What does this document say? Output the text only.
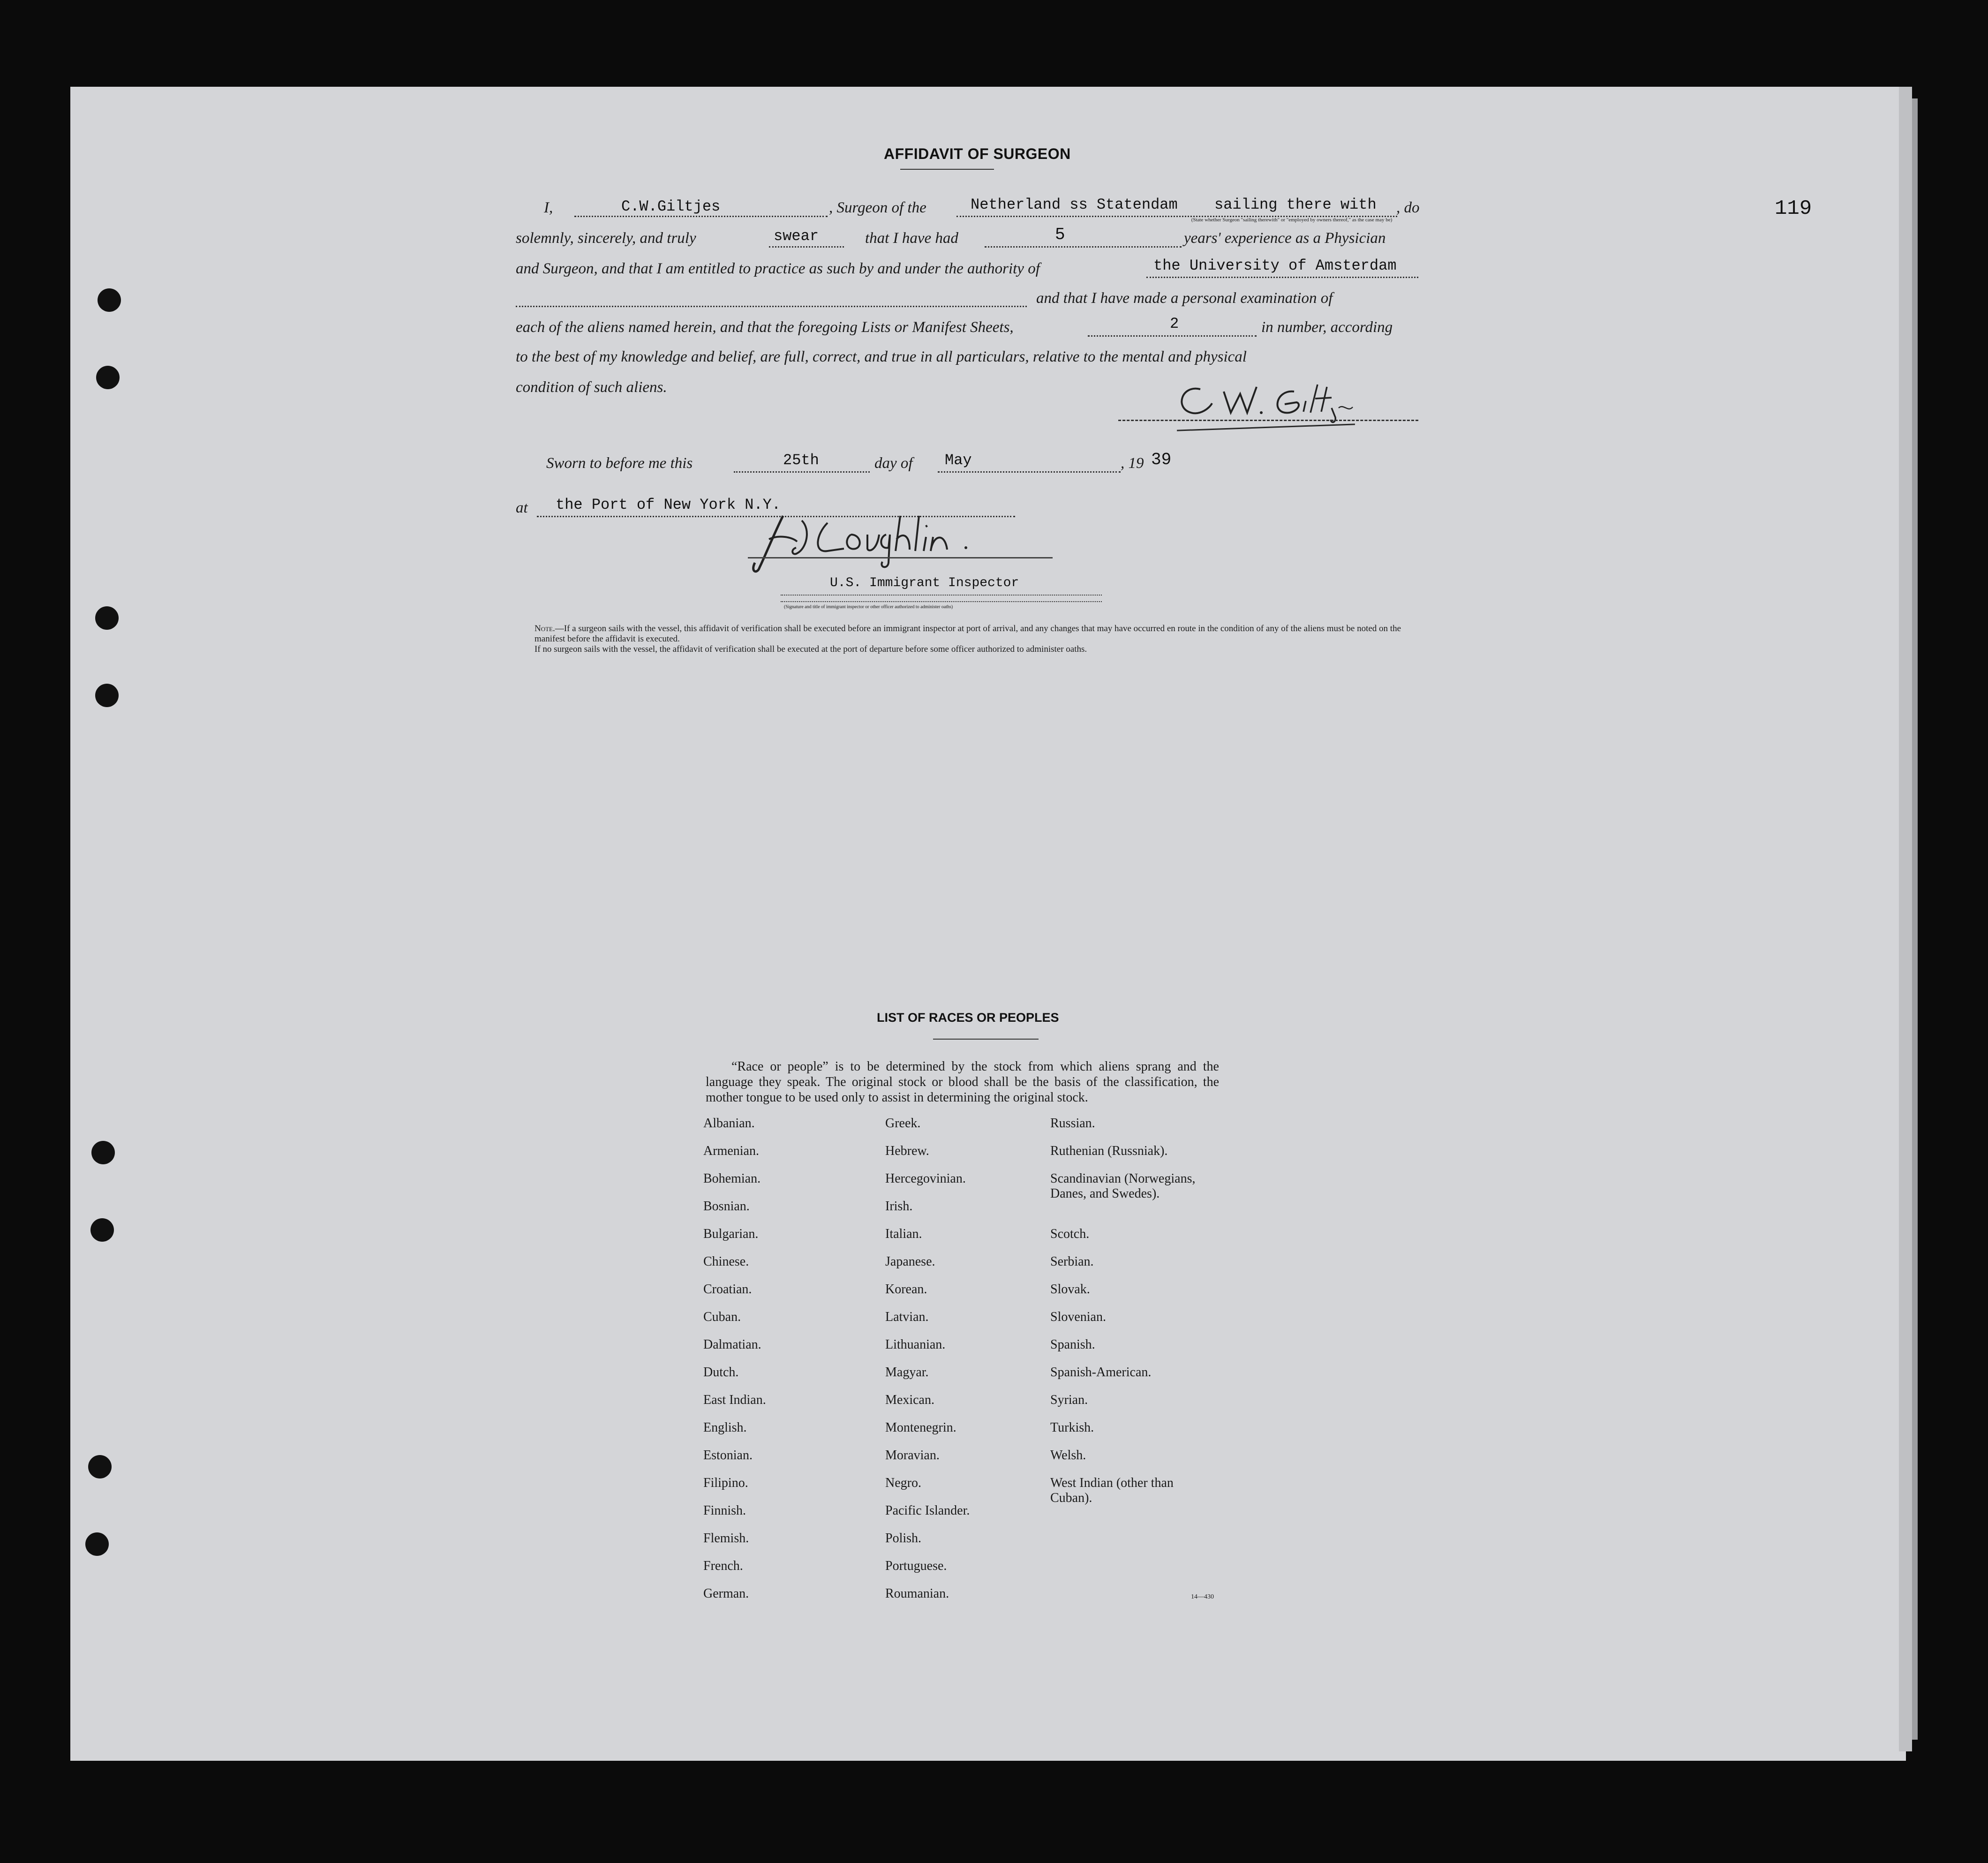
119
AFFIDAVIT OF SURGEON
I,	C.W.Giltjes	, Surgeon of the	Netherland ss Statendam sailing there with , do
(State whether Surgeon "sailing therewith" or "employed by owners thereof," as the case may be)
solemnly, sincerely, and truly	swear	that I have had	5	years' experience as a Physician
and Surgeon, and that I am entitled to practice as such by and under the authority of	the University of Amsterdam
and that I have made a personal examination of
each of the aliens named herein, and that the foregoing Lists or Manifest Sheets,	2	in number, according
to the best of my knowledge and belief, are full, correct, and true in all particulars, relative to the mental and physical
condition of such aliens.
Sworn to before me this	25th	day of May	, 19 39
at the Port of New York N.Y.
U.S. Immigrant Inspector
(Signature and title of immigrant inspector or other officer authorized to administer oaths)
Note.—If a surgeon sails with the vessel, this affidavit of verification shall be executed before an immigrant inspector at port of arrival, and any changes that may have occurred en route in the condition of any of the aliens must be noted on the manifest before the affidavit is executed.
If no surgeon sails with the vessel, the affidavit of verification shall be executed at the port of departure before some officer authorized to administer oaths.
LIST OF RACES OR PEOPLES
“Race or people” is to be determined by the stock from which aliens sprang and the language they speak. The original stock or blood shall be the basis of the classification, the mother tongue to be used only to assist in determining the original stock.
Albanian.
Armenian.
Bohemian.
Bosnian.
Bulgarian.
Chinese.
Croatian.
Cuban.
Dalmatian.
Dutch.
East Indian.
English.
Estonian.
Filipino.
Finnish.
Flemish.
French.
German.
Greek.
Hebrew.
Hercegovinian.
Irish.
Italian.
Japanese.
Korean.
Latvian.
Lithuanian.
Magyar.
Mexican.
Montenegrin.
Moravian.
Negro.
Pacific Islander.
Polish.
Portuguese.
Roumanian.
Russian.
Ruthenian (Russniak).
Scandinavian (Norwegians, Danes, and Swedes).
Scotch.
Serbian.
Slovak.
Slovenian.
Spanish.
Spanish-American.
Syrian.
Turkish.
Welsh.
West Indian (other than Cuban).
14—430
